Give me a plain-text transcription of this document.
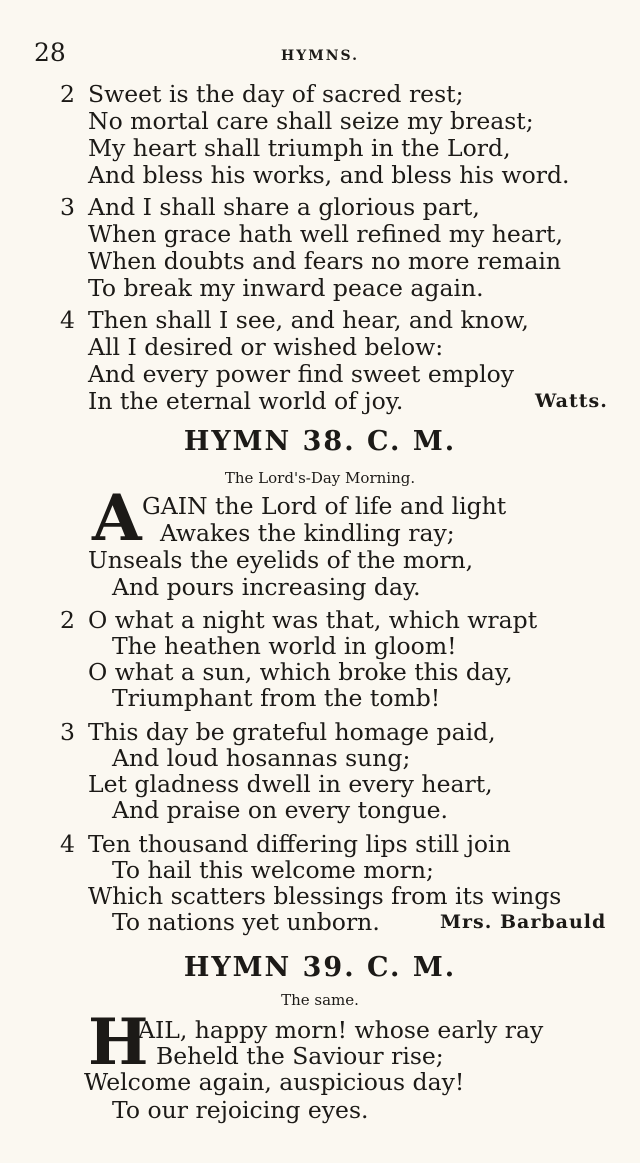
28	HYMNS.
2 Sweet is the day of sacred rest;
No mortal care shall seize my breast;
My heart shall triumph in the Lord,
And bless his works, and bless his word.
3 And I shall share a glorious part,
When grace hath well refined my heart,
When doubts and fears no more remain
To break my inward peace again.
4 Then shall I see, and hear, and know,
All I desired or wished below:
And every power find sweet employ
In the eternal world of joy.	Watts.
HYMN 38. C. M.
The Lord's-Day Morning.
A GAIN the Lord of life and light
Awakes the kindling ray;
Unseals the eyelids of the morn,
And pours increasing day.
2 O what a night was that, which wrapt
The heathen world in gloom!
O what a sun, which broke this day,
Triumphant from the tomb!
3 This day be grateful homage paid,
And loud hosannas sung;
Let gladness dwell in every heart,
And praise on every tongue.
4 Ten thousand differing lips still join
To hail this welcome morn;
Which scatters blessings from its wings
To nations yet unborn.	Mrs. Barbauld
HYMN 39. C. M.
The same.
H
AIL, happy morn! whose early ray
Beheld the Saviour rise;
Welcome again, auspicious day!
To our rejoicing eyes.
